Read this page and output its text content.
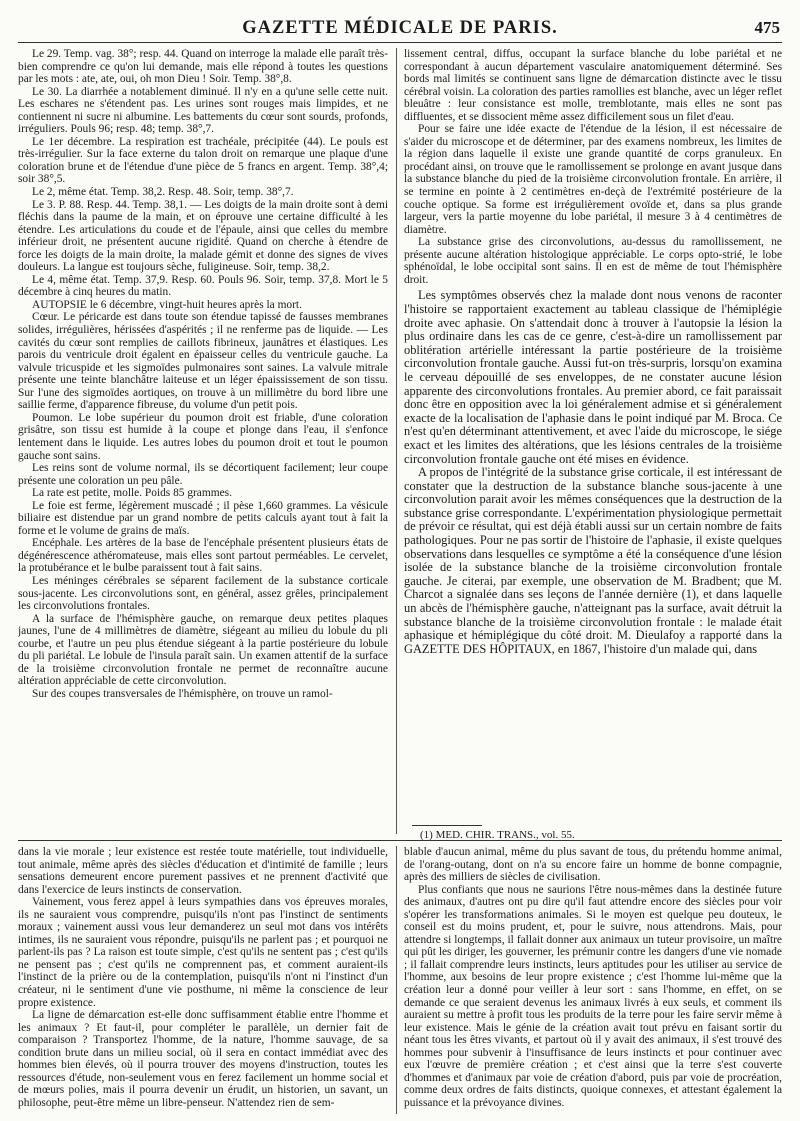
GAZETTE MÉDICALE DE PARIS.	475

Le 29. Temp. vag. 38°; resp. 44. Quand on interroge la malade elle paraît très-bien comprendre ce qu'on lui demande, mais elle répond à toutes les questions par les mots : ate, ate, oui, oh mon Dieu ! Soir. Temp. 38°,8.

Le 30. La diarrhée a notablement diminué. Il n'y en a qu'une selle cette nuit. Les eschares ne s'étendent pas. Les urines sont rouges mais limpides, et ne contiennent ni sucre ni albumine. Les battements du cœur sont sourds, profonds, irréguliers. Pouls 96; resp. 48; temp. 38°,7.

Le 1er décembre. La respiration est trachéale, précipitée (44). Le pouls est très-irrégulier. Sur la face externe du talon droit on remarque une plaque d'une coloration brune et de l'étendue d'une pièce de 5 francs en argent. Temp. 38°,4; soir 38°,5.

Le 2, même état. Temp. 38,2. Resp. 48. Soir, temp. 38°,7.

Le 3. P. 88. Resp. 44. Temp. 38,1. — Les doigts de la main droite sont à demi fléchis dans la paume de la main, et on éprouve une certaine difficulté à les étendre. Les articulations du coude et de l'épaule, ainsi que celles du membre inférieur droit, ne présentent aucune rigidité. Quand on cherche à étendre de force les doigts de la main droite, la malade gémit et donne des signes de vives douleurs. La langue est toujours sèche, fuligineuse. Soir, temp. 38,2.

Le 4, même état. Temp. 37,9. Resp. 60. Pouls 96. Soir, temp. 37,8. Mort le 5 décembre à cinq heures du matin.

AUTOPSIE le 6 décembre, vingt-huit heures après la mort.

Cœur. Le péricarde est dans toute son étendue tapissé de fausses membranes solides, irrégulières, hérissées d'aspérités ; il ne renferme pas de liquide. — Les cavités du cœur sont remplies de caillots fibrineux, jaunâtres et élastiques. Les parois du ventricule droit égalent en épaisseur celles du ventricule gauche. La valvule tricuspide et les sigmoïdes pulmonaires sont saines. La valvule mitrale présente une teinte blanchâtre laiteuse et un léger épaississement de son tissu. Sur l'une des sigmoïdes aortiques, on trouve à un millimètre du bord libre une saillie ferme, d'apparence fibreuse, du volume d'un petit pois.

Poumon. Le lobe supérieur du poumon droit est friable, d'une coloration grisâtre, son tissu est humide à la coupe et plonge dans l'eau, il s'enfonce lentement dans le liquide. Les autres lobes du poumon droit et tout le poumon gauche sont sains.

Les reins sont de volume normal, ils se décortiquent facilement; leur coupe présente une coloration un peu pâle.

La rate est petite, molle. Poids 85 grammes.

Le foie est ferme, légèrement muscadé ; il pèse 1,660 grammes. La vésicule biliaire est distendue par un grand nombre de petits calculs ayant tout à fait la forme et le volume de grains de maïs.

Encéphale. Les artères de la base de l'encéphale présentent plusieurs états de dégénérescence athéromateuse, mais elles sont partout perméables. Le cervelet, la protubérance et le bulbe paraissent tout à fait sains.

Les méninges cérébrales se séparent facilement de la substance corticale sous-jacente. Les circonvolutions sont, en général, assez grêles, principalement les circonvolutions frontales.

A la surface de l'hémisphère gauche, on remarque deux petites plaques jaunes, l'une de 4 millimètres de diamètre, siégeant au milieu du lobule du pli courbe, et l'autre un peu plus étendue siégeant à la partie postérieure du lobule du pli pariétal. Le lobule de l'insula paraît sain. Un examen attentif de la surface de la troisième circonvolution frontale ne permet de reconnaître aucune altération appréciable de cette circonvolution.

Sur des coupes transversales de l'hémisphère, on trouve un ramol-

lissement central, diffus, occupant la surface blanche du lobe pariétal et ne correspondant à aucun département vasculaire anatomiquement déterminé. Ses bords mal limités se continuent sans ligne de démarcation distincte avec le tissu cérébral voisin. La coloration des parties ramollies est blanche, avec un léger reflet bleuâtre : leur consistance est molle, tremblotante, mais elles ne sont pas diffluentes, et se dissocient même assez difficilement sous un filet d'eau.

Pour se faire une idée exacte de l'étendue de la lésion, il est nécessaire de s'aider du microscope et de déterminer, par des examens nombreux, les limites de la région dans laquelle il existe une grande quantité de corps granuleux. En procédant ainsi, on trouve que le ramollissement se prolonge en avant jusque dans la substance blanche du pied de la troisième circonvolution frontale. En arrière, il se termine en pointe à 2 centimètres en-deçà de l'extrémité postérieure de la couche optique. Sa forme est irrégulièrement ovoïde et, dans sa plus grande largeur, vers la partie moyenne du lobe pariétal, il mesure 3 à 4 centimètres de diamètre.

La substance grise des circonvolutions, au-dessus du ramollissement, ne présente aucune altération histologique appréciable. Le corps opto-strié, le lobe sphénoïdal, le lobe occipital sont sains. Il en est de même de tout l'hémisphère droit.

Les symptômes observés chez la malade dont nous venons de raconter l'histoire se rapportaient exactement au tableau classique de l'hémiplégie droite avec aphasie. On s'attendait donc à trouver à l'autopsie la lésion la plus ordinaire dans les cas de ce genre, c'est-à-dire un ramollissement par oblitération artérielle intéressant la partie postérieure de la troisième circonvolution frontale gauche. Aussi fut-on très-surpris, lorsqu'on examina le cerveau dépouillé de ses enveloppes, de ne constater aucune lésion apparente des circonvolutions frontales. Au premier abord, ce fait paraissait donc être en opposition avec la loi généralement admise et si généralement exacte de la localisation de l'aphasie dans le point indiqué par M. Broca. Ce n'est qu'en déterminant attentivement, et avec l'aide du microscope, le siége exact et les limites des altérations, que les lésions centrales de la troisième circonvolution frontale gauche ont été mises en évidence.

A propos de l'intégrité de la substance grise corticale, il est intéressant de constater que la destruction de la substance blanche sous-jacente à une circonvolution parait avoir les mêmes conséquences que la destruction de la substance grise correspondante. L'expérimentation physiologique permettait de prévoir ce résultat, qui est déjà établi aussi sur un certain nombre de faits pathologiques. Pour ne pas sortir de l'histoire de l'aphasie, il existe quelques observations dans lesquelles ce symptôme a été la conséquence d'une lésion isolée de la substance blanche de la troisième circonvolution frontale gauche. Je citerai, par exemple, une observation de M. Bradbent; que M. Charcot a signalée dans ses leçons de l'année dernière (1), et dans laquelle un abcès de l'hémisphère gauche, n'atteignant pas la surface, avait détruit la substance blanche de la troisième circonvolution frontale : le malade était aphasique et hémiplégique du côté droit. M. Dieulafoy a rapporté dans la GAZETTE DES HÔPITAUX, en 1867, l'histoire d'un malade qui, dans

(1) MED. CHIR. TRANS., vol. 55.

dans la vie morale ; leur existence est restée toute matérielle, tout individuelle, tout animale, même après des siècles d'éducation et d'intimité de famille ; leurs sensations demeurent encore purement passives et ne prennent d'activité que dans l'exercice de leurs instincts de conservation.

Vainement, vous ferez appel à leurs sympathies dans vos épreuves morales, ils ne sauraient vous comprendre, puisqu'ils n'ont pas l'instinct de sentiments moraux ; vainement aussi vous leur demanderez un seul mot dans vos intérêts intimes, ils ne sauraient vous répondre, puisqu'ils ne parlent pas ; et pourquoi ne parlent-ils pas ? La raison est toute simple, c'est qu'ils ne sentent pas ; c'est qu'ils ne pensent pas ; c'est qu'ils ne comprennent pas, et comment auraient-ils l'instinct de la prière ou de la contemplation, puisqu'ils n'ont ni l'instinct d'un créateur, ni le sentiment d'une vie posthume, ni même la conscience de leur propre existence.

La ligne de démarcation est-elle donc suffisamment établie entre l'homme et les animaux ? Et faut-il, pour compléter le parallèle, un dernier fait de comparaison ? Transportez l'homme, de la nature, l'homme sauvage, de sa condition brute dans un milieu social, où il sera en contact immédiat avec des hommes bien élevés, où il pourra trouver des moyens d'instruction, toutes les ressources d'étude, non-seulement vous en ferez facilement un homme social et de mœurs polies, mais il pourra devenir un érudit, un historien, un savant, un philosophe, peut-être même un libre-penseur. N'attendez rien de sem-

blable d'aucun animal, même du plus savant de tous, du prétendu homme animal, de l'orang-outang, dont on n'a su encore faire un homme de bonne compagnie, après des milliers de siècles de civilisation.

Plus confiants que nous ne saurions l'être nous-mêmes dans la destinée future des animaux, d'autres ont pu dire qu'il faut attendre encore des siècles pour voir s'opérer les transformations animales. Si le moyen est quelque peu douteux, le conseil est du moins prudent, et, pour le suivre, nous attendrons. Mais, pour attendre si longtemps, il fallait donner aux animaux un tuteur provisoire, un maître qui pût les diriger, les gouverner, les prémunir contre les dangers d'une vie nomade ; il fallait comprendre leurs instincts, leurs aptitudes pour les utiliser au service de l'homme, aux besoins de leur propre existence ; c'est l'homme lui-même que la création leur a donné pour veiller à leur sort : sans l'homme, en effet, on se demande ce que seraient devenus les animaux livrés à eux seuls, et comment ils auraient su mettre à profit tous les produits de la terre pour les faire servir même à leur existence. Mais le génie de la création avait tout prévu en faisant sortir du néant tous les êtres vivants, et partout où il y avait des animaux, il s'est trouvé des hommes pour subvenir à l'insuffisance de leurs instincts et pour continuer avec eux l'œuvre de première création ; et c'est ainsi que la terre s'est couverte d'hommes et d'animaux par voie de création d'abord, puis par voie de procréation, comme deux ordres de faits distincts, quoique connexes, et attestant également la puissance et la prévoyance divines.
